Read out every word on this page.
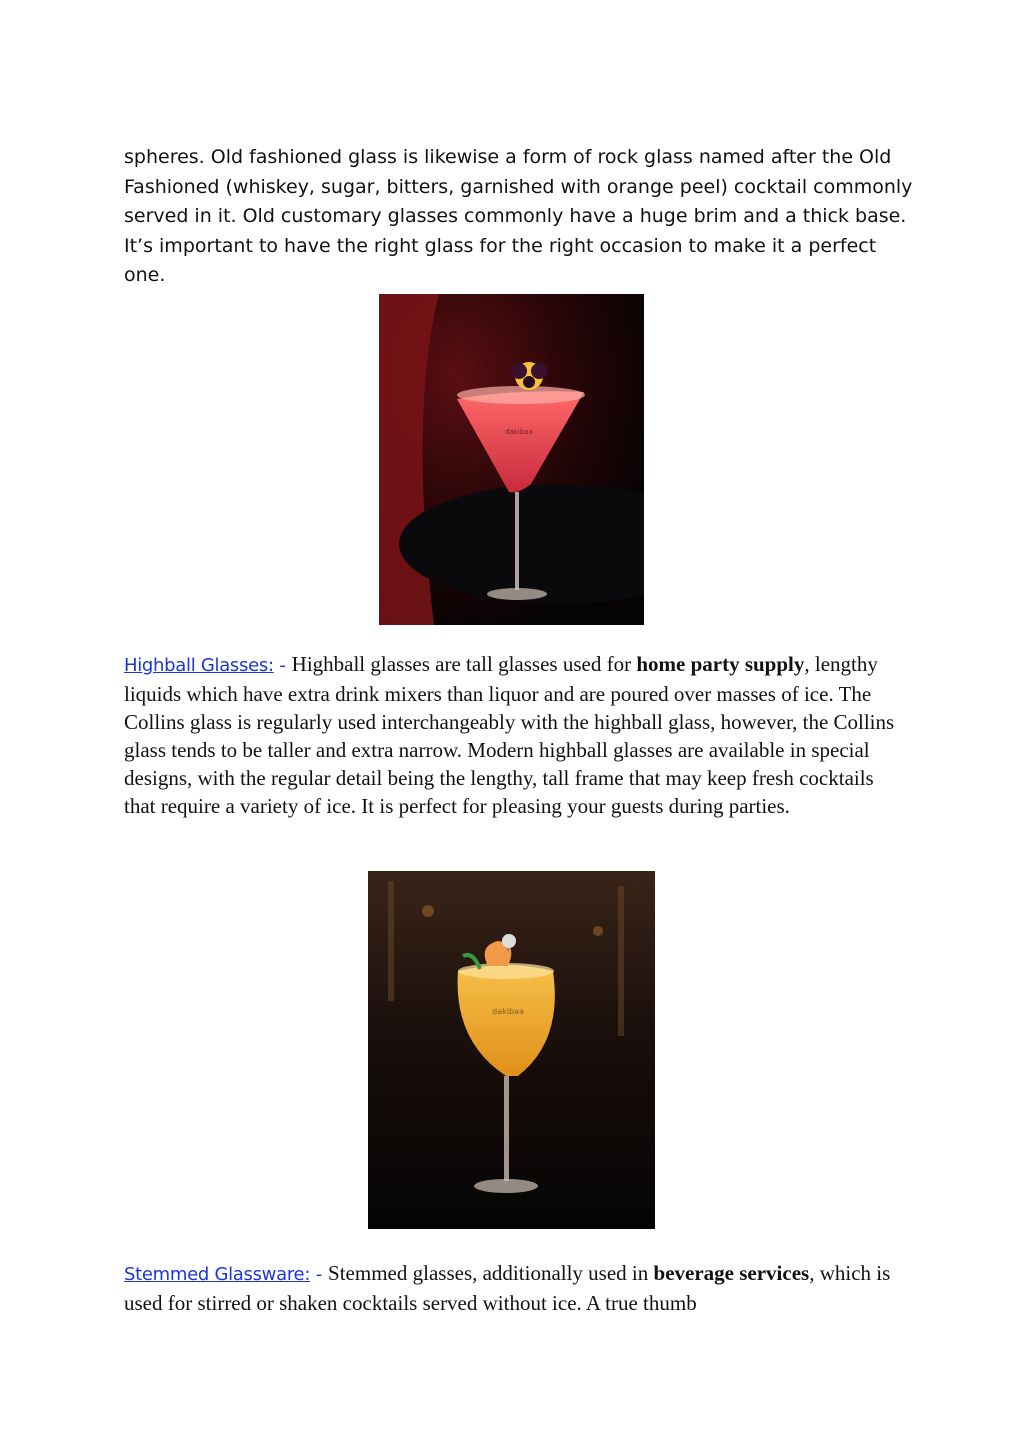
spheres. Old fashioned glass is likewise a form of rock glass named after the Old Fashioned (whiskey, sugar, bitters, garnished with orange peel) cocktail commonly served in it. Old customary glasses commonly have a huge brim and a thick base. It’s important to have the right glass for the right occasion to make it a perfect one.

dakibaa
Highball Glasses: - Highball glasses are tall glasses used for home party supply, lengthy liquids which have extra drink mixers than liquor and are poured over masses of ice. The Collins glass is regularly used interchangeably with the highball glass, however, the Collins glass tends to be taller and extra narrow. Modern highball glasses are available in special designs, with the regular detail being the lengthy, tall frame that may keep fresh cocktails that require a variety of ice. It is perfect for pleasing your guests during parties.
dakibaa
Stemmed Glassware: - Stemmed glasses, additionally used in beverage services, which is used for stirred or shaken cocktails served without ice. A true thumb
